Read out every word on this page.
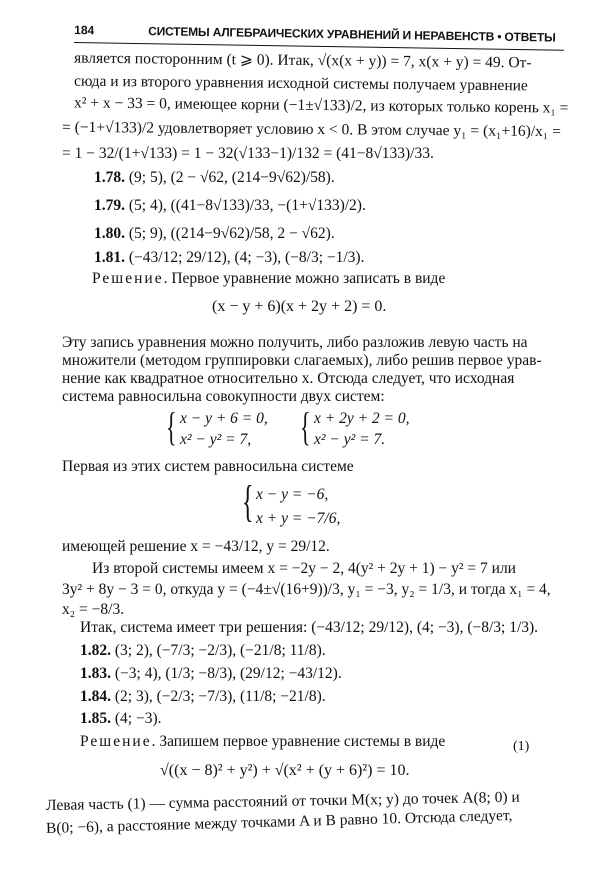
184	СИСТЕМЫ АЛГЕБРАИЧЕСКИХ УРАВНЕНИЙ И НЕРАВЕНСТВ • ОТВЕТЫ
является посторонним (t ⩾ 0). Итак, √(x(x + y)) = 7, x(x + y) = 49. От-
сюда и из второго уравнения исходной системы получаем уравнение
x² + x − 33 = 0, имеющее корни (−1±√133)/2, из которых только корень x₁ =
= (−1+√133)/2 удовлетворяет условию x < 0. В этом случае y₁ = (x₁+16)/x₁ =
= 1 − 32/(1+√133) = 1 − 32(√133−1)/132 = (41−8√133)/33.
1.78. (9; 5), (2 − √62, (214−9√62)/58).
1.79. (5; 4), ((41−8√133)/33, −(1+√133)/2).
1.80. (5; 9), ((214−9√62)/58, 2 − √62).
1.81. (−43/12; 29/12), (4; −3), (−8/3; −1/3).
Решение. Первое уравнение можно записать в виде
(x − y + 6)(x + 2y + 2) = 0.
Эту запись уравнения можно получить, либо разложив левую часть на
множители (методом группировки слагаемых), либо решив первое урав-
нение как квадратное относительно x. Отсюда следует, что исходная
система равносильна совокупности двух систем:
{ x − y + 6 = 0,
x² − y² = 7,	{ x + 2y + 2 = 0,
x² − y² = 7.
Первая из этих систем равносильна системе
{ x − y = −6,
x + y = −7/6,
имеющей решение x = −43/12, y = 29/12.
Из второй системы имеем x = −2y − 2, 4(y² + 2y + 1) − y² = 7 или
3y² + 8y − 3 = 0, откуда y = (−4±√(16+9))/3, y₁ = −3, y₂ = 1/3, и тогда x₁ = 4,
x₂ = −8/3.
Итак, система имеет три решения: (−43/12; 29/12), (4; −3), (−8/3; 1/3).
1.82. (3; 2), (−7/3; −2/3), (−21/8; 11/8).
1.83. (−3; 4), (1/3; −8/3), (29/12; −43/12).
1.84. (2; 3), (−2/3; −7/3), (11/8; −21/8).
1.85. (4; −3).
Решение. Запишем первое уравнение системы в виде	(1)
√((x − 8)² + y²) + √(x² + (y + 6)²) = 10.
Левая часть (1) — сумма расстояний от точки M(x; y) до точек A(8; 0) и
B(0; −6), а расстояние между точками A и B равно 10. Отсюда следует,
